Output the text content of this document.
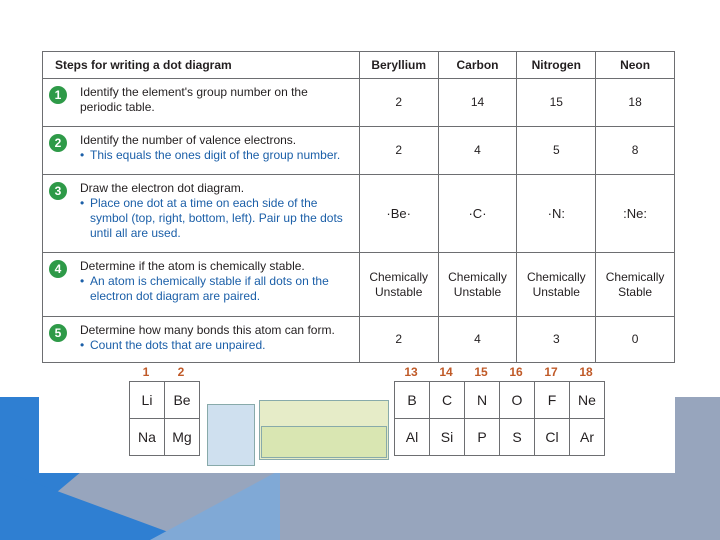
Steps for writing a dot diagram	Beryllium	Carbon	Nitrogen	Neon

1 Identify the element's group number on the periodic table.	2	14	15	18

2 Identify the number of valence electrons.
• This equals the ones digit of the group number.	2	4	5	8

3 Draw the electron dot diagram.
• Place one dot at a time on each side of the symbol (top, right, bottom, left). Pair up the dots until all are used.	·Be·	·C·	·N:	:Ne:

4 Determine if the atom is chemically stable.
• An atom is chemically stable if all dots on the electron dot diagram are paired.	Chemically Unstable	Chemically Unstable	Chemically Unstable	Chemically Stable

5 Determine how many bonds this atom can form.
• Count the dots that are unpaired.	2	4	3	0
1	2
Li	Be
Na	Mg
13	14	15	16	17	18
B	C	N	O	F	Ne
Al	Si	P	S	Cl	Ar
